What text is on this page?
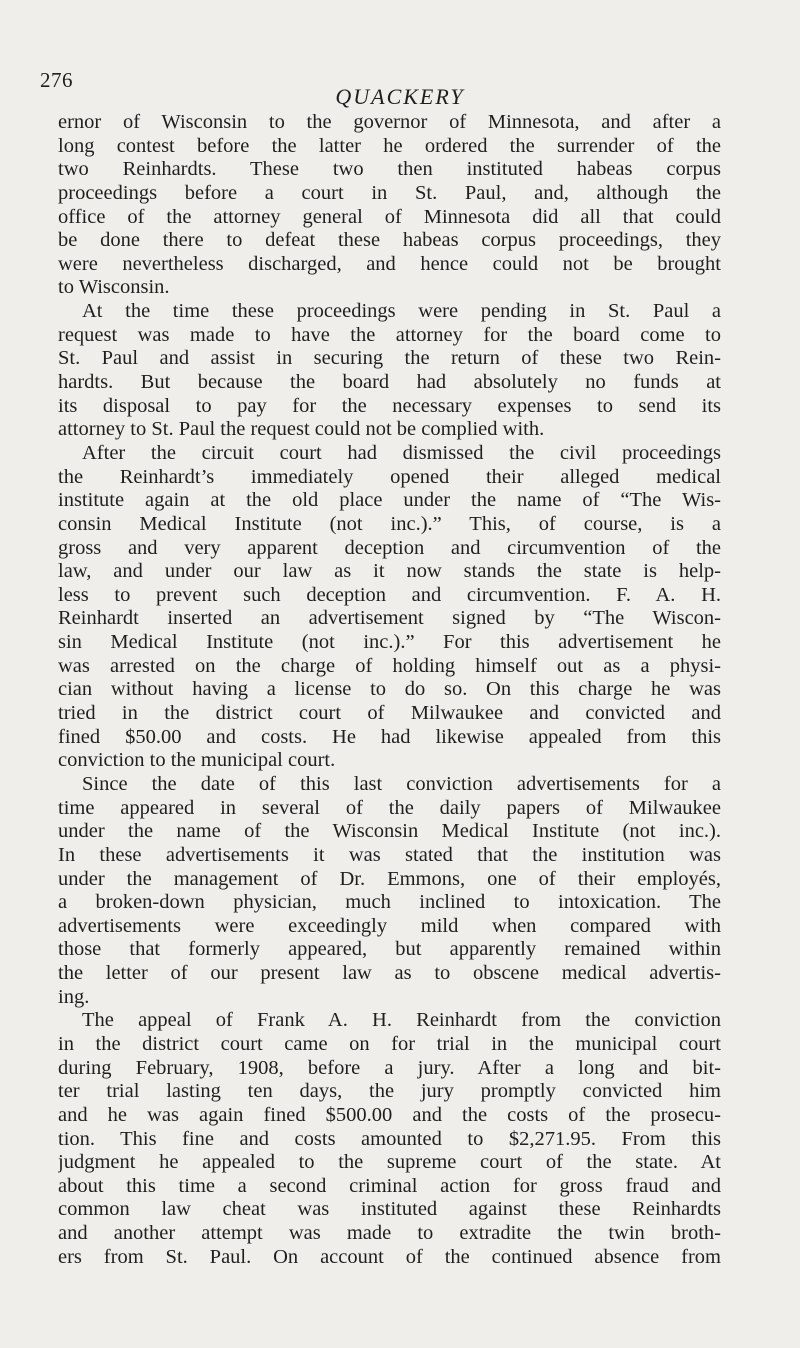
276
QUACKERY
ernor of Wisconsin to the governor of Minnesota, and after a
long contest before the latter he ordered the surrender of the
two Reinhardts. These two then instituted habeas corpus
proceedings before a court in St. Paul, and, although the
office of the attorney general of Minnesota did all that could
be done there to defeat these habeas corpus proceedings, they
were nevertheless discharged, and hence could not be brought
to Wisconsin.
At the time these proceedings were pending in St. Paul a
request was made to have the attorney for the board come to
St. Paul and assist in securing the return of these two Rein-
hardts. But because the board had absolutely no funds at
its disposal to pay for the necessary expenses to send its
attorney to St. Paul the request could not be complied with.
After the circuit court had dismissed the civil proceedings
the Reinhardt’s immediately opened their alleged medical
institute again at the old place under the name of “The Wis-
consin Medical Institute (not inc.).” This, of course, is a
gross and very apparent deception and circumvention of the
law, and under our law as it now stands the state is help-
less to prevent such deception and circumvention. F. A. H.
Reinhardt inserted an advertisement signed by “The Wiscon-
sin Medical Institute (not inc.).” For this advertisement he
was arrested on the charge of holding himself out as a physi-
cian without having a license to do so. On this charge he was
tried in the district court of Milwaukee and convicted and
fined $50.00 and costs. He had likewise appealed from this
conviction to the municipal court.
Since the date of this last conviction advertisements for a
time appeared in several of the daily papers of Milwaukee
under the name of the Wisconsin Medical Institute (not inc.).
In these advertisements it was stated that the institution was
under the management of Dr. Emmons, one of their employés,
a broken-down physician, much inclined to intoxication. The
advertisements were exceedingly mild when compared with
those that formerly appeared, but apparently remained within
the letter of our present law as to obscene medical advertis-
ing.
The appeal of Frank A. H. Reinhardt from the conviction
in the district court came on for trial in the municipal court
during February, 1908, before a jury. After a long and bit-
ter trial lasting ten days, the jury promptly convicted him
and he was again fined $500.00 and the costs of the prosecu-
tion. This fine and costs amounted to $2,271.95. From this
judgment he appealed to the supreme court of the state. At
about this time a second criminal action for gross fraud and
common law cheat was instituted against these Reinhardts
and another attempt was made to extradite the twin broth-
ers from St. Paul. On account of the continued absence from
